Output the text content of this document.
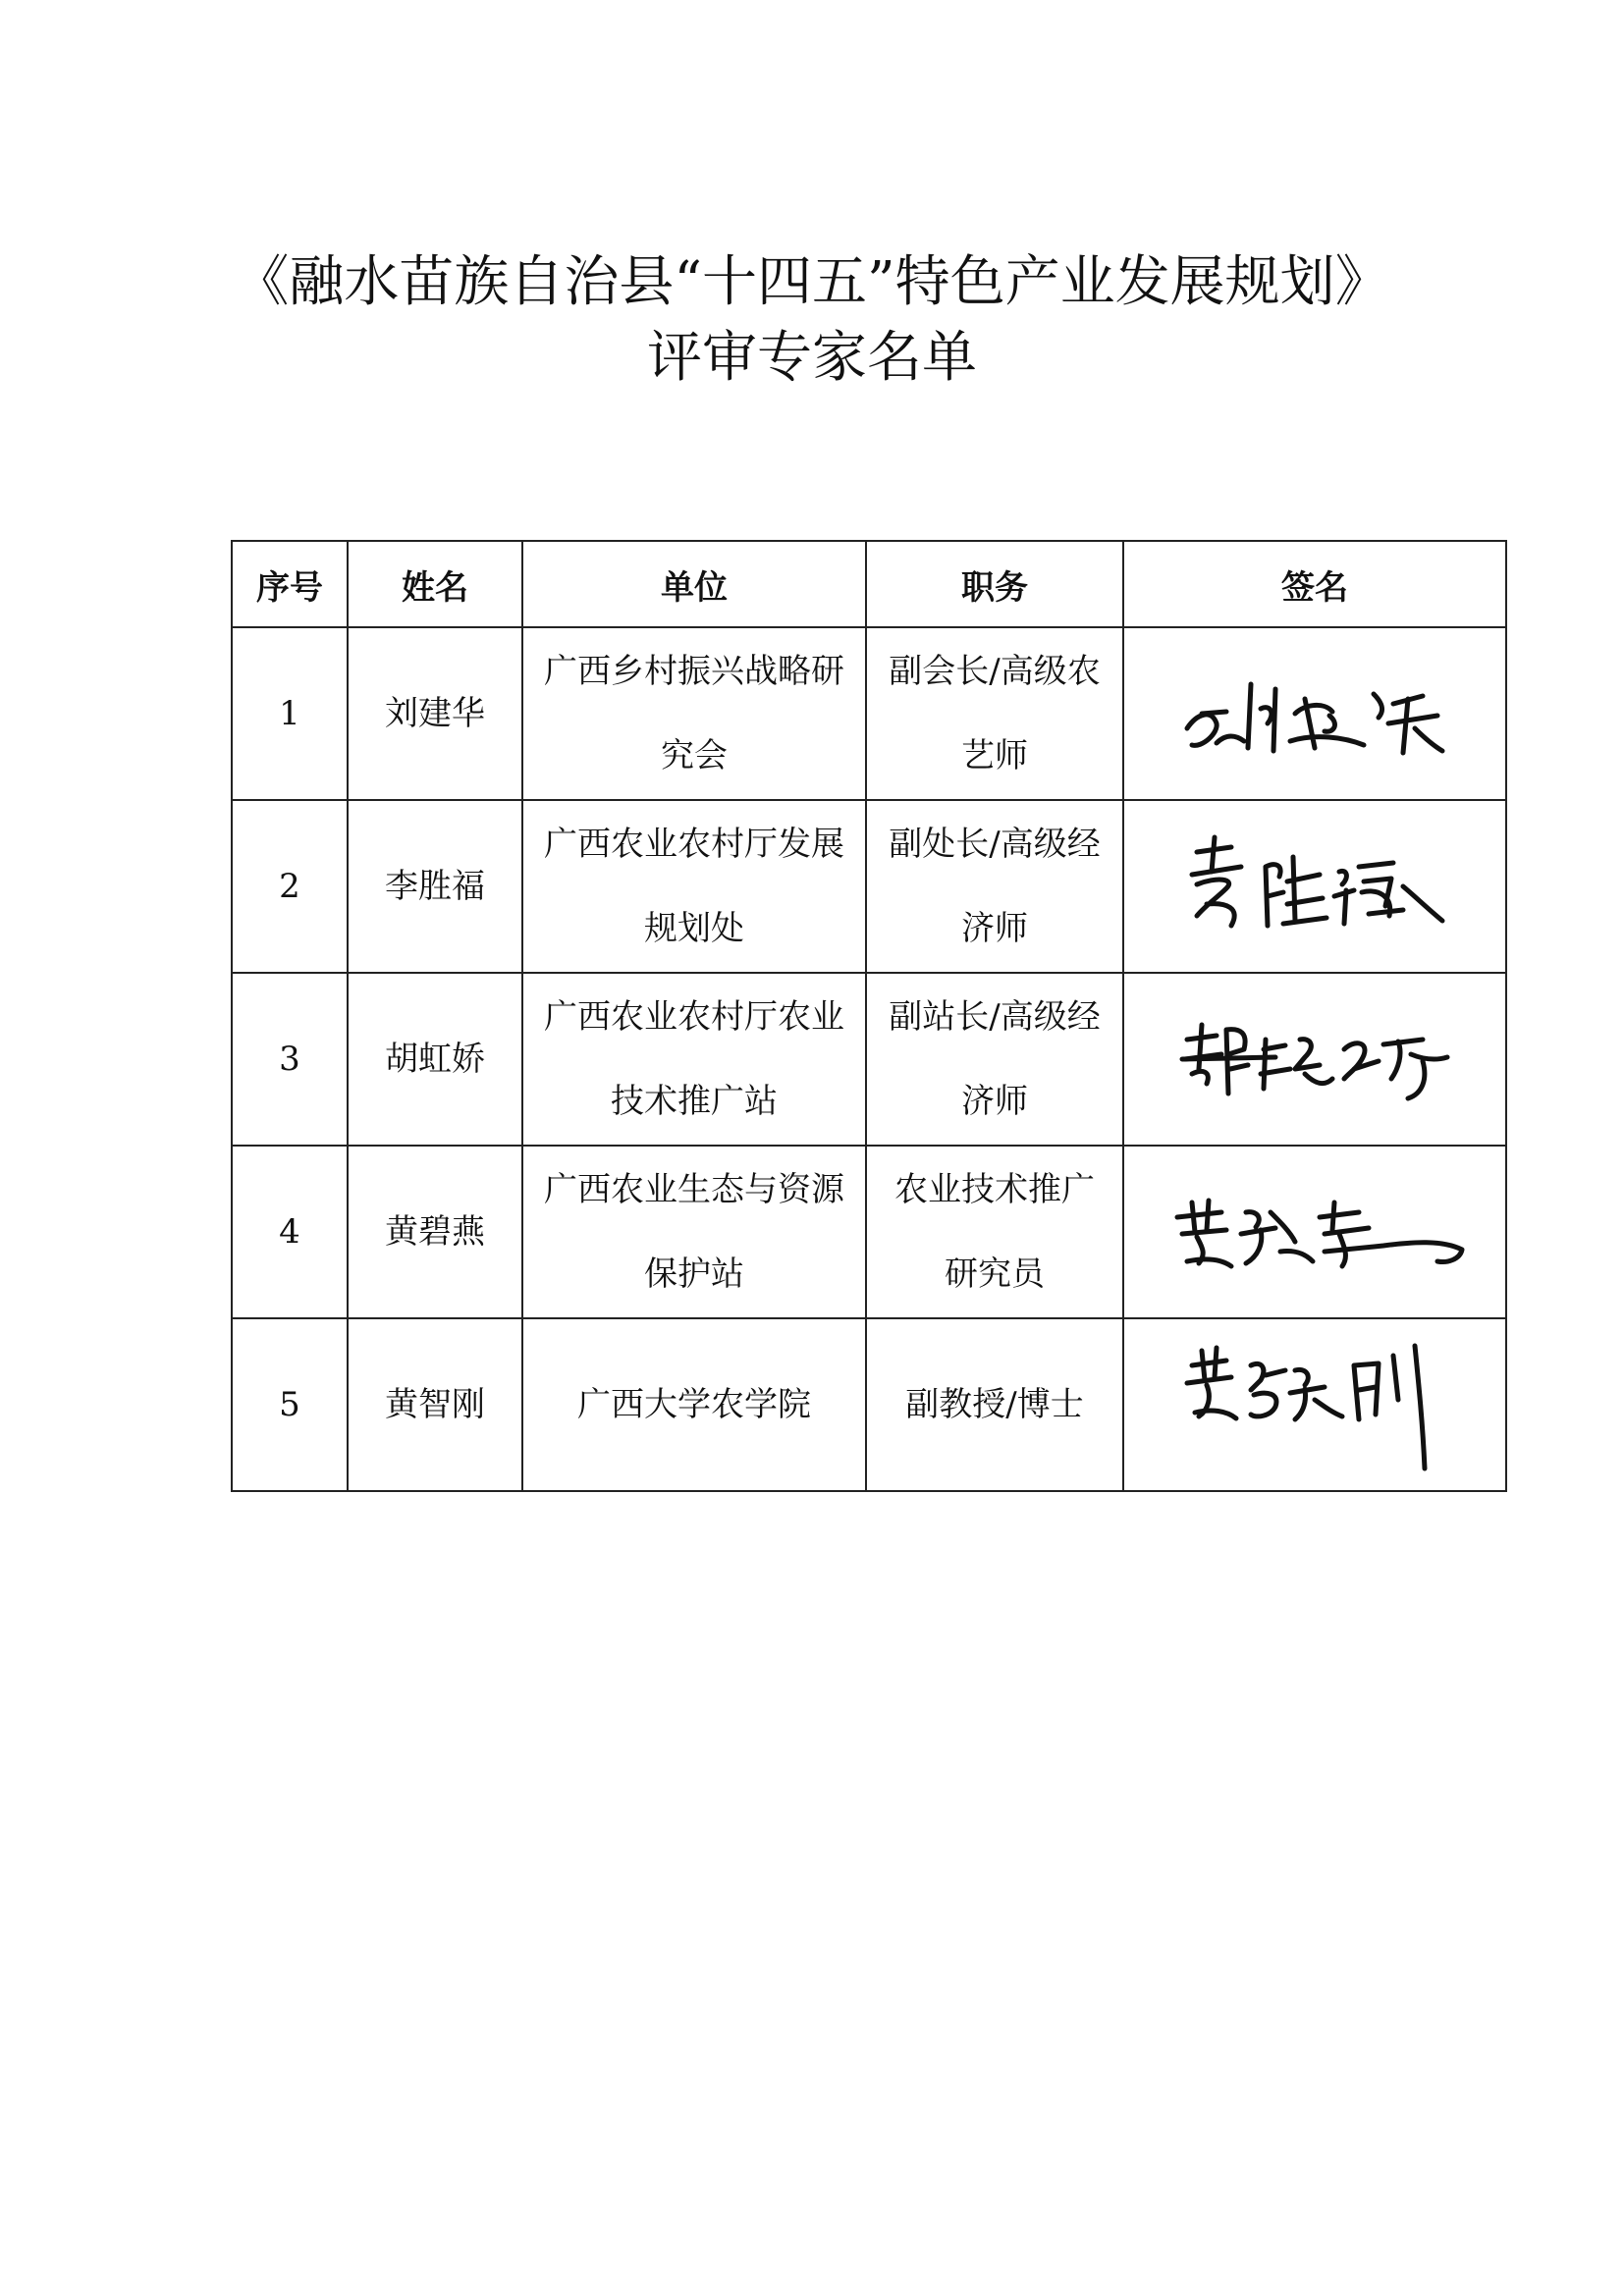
《融水苗族自治县“十四五”特色产业发展规划》
评审专家名单
序号	姓名	单位	职务	签名
1	刘建华	广西乡村振兴战略研究会	副会长/高级农艺师

2	李胜福	广西农业农村厅发展规划处	副处长/高级经济师

3	胡虹娇	广西农业农村厅农业技术推广站	副站长/高级经济师

4	黄碧燕	广西农业生态与资源保护站	农业技术推广研究员

5	黄智刚	广西大学农学院	副教授/博士
